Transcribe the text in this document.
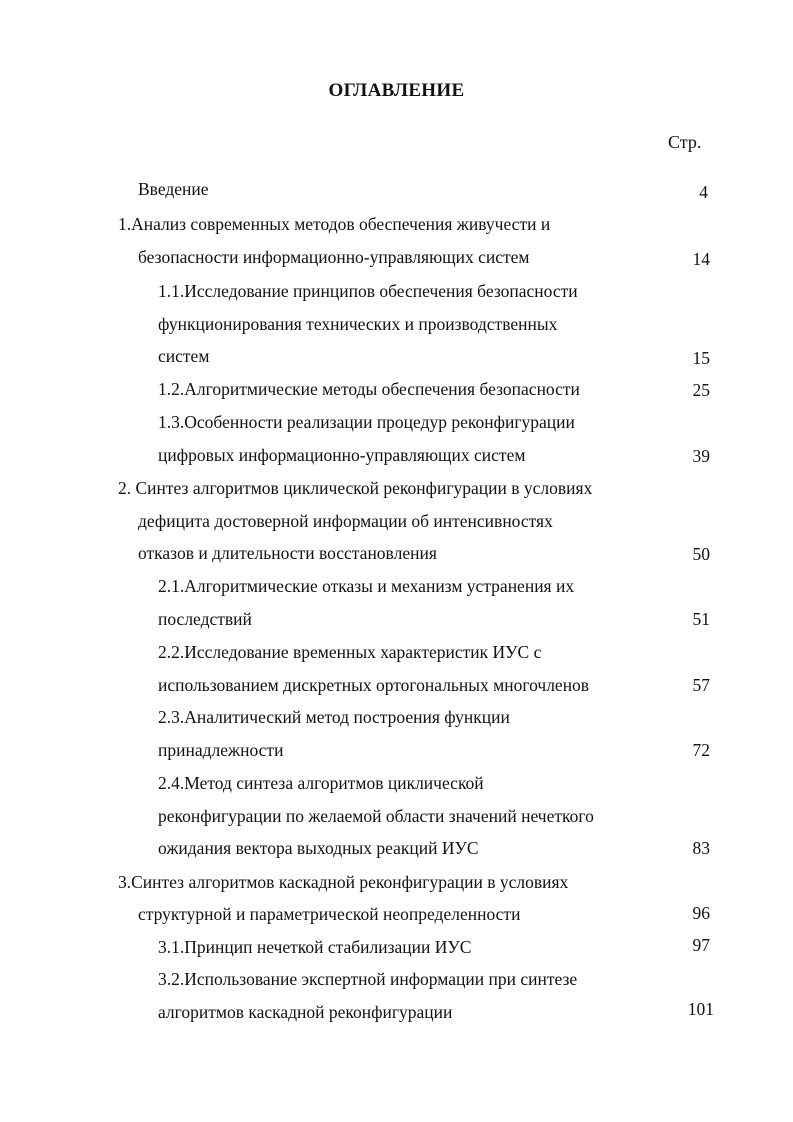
ОГЛАВЛЕНИЕ
Стр.
Введение	4
1.Анализ современных методов обеспечения живучести и
безопасности информационно-управляющих систем	14
1.1.Исследование принципов обеспечения безопасности
функционирования технических и производственных
систем	15
1.2.Алгоритмические методы обеспечения безопасности	25
1.3.Особенности реализации процедур реконфигурации
цифровых информационно-управляющих систем	39
2. Синтез алгоритмов циклической реконфигурации в условиях
дефицита достоверной информации об интенсивностях
отказов и длительности восстановления	50
2.1.Алгоритмические отказы и механизм устранения их
последствий	51
2.2.Исследование временных характеристик ИУС с
использованием дискретных ортогональных многочленов	57
2.3.Аналитический метод построения функции
принадлежности	72
2.4.Метод синтеза алгоритмов циклической
реконфигурации по желаемой области значений нечеткого
ожидания вектора выходных реакций ИУС	83
3.Синтез алгоритмов каскадной реконфигурации в условиях
структурной и параметрической неопределенности	96
3.1.Принцип нечеткой стабилизации ИУС	97
3.2.Использование экспертной информации при синтезе
алгоритмов каскадной реконфигурации	101
